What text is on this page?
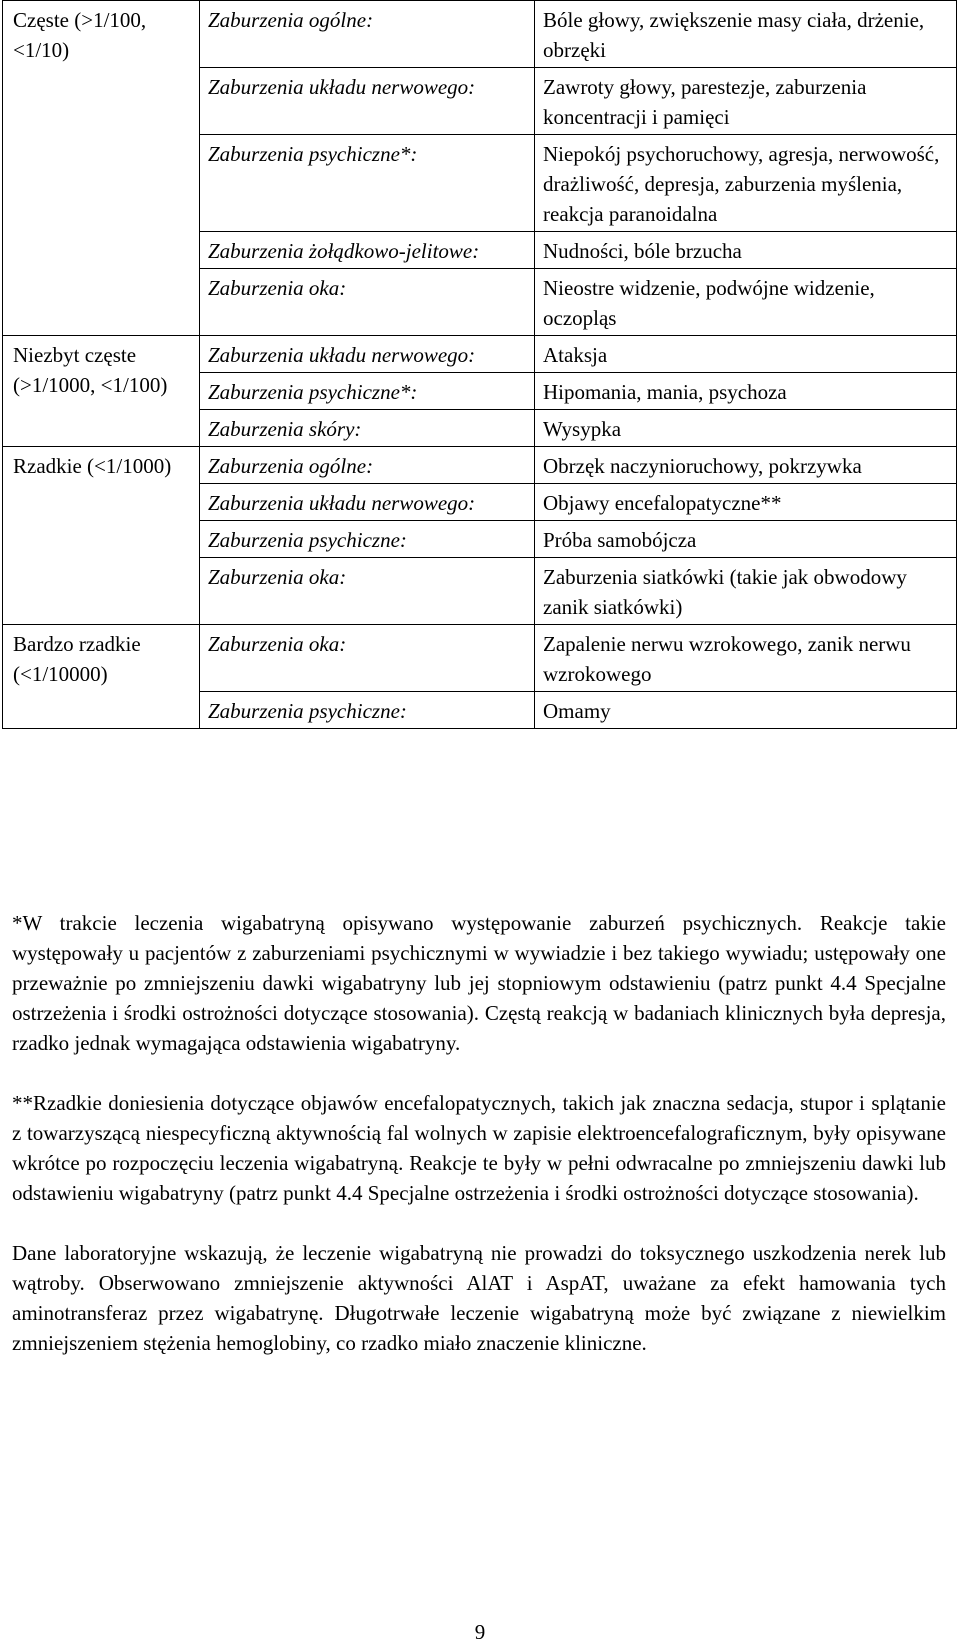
Częste (>1/100, <1/10)	Zaburzenia ogólne:	Bóle głowy, zwiększenie masy ciała, drżenie, obrzęki
	Zaburzenia układu nerwowego:	Zawroty głowy, parestezje, zaburzenia koncentracji i pamięci
	Zaburzenia psychiczne*:	Niepokój psychoruchowy, agresja, nerwowość, drażliwość, depresja, zaburzenia myślenia, reakcja paranoidalna
	Zaburzenia żołądkowo-jelitowe:	Nudności, bóle brzucha
	Zaburzenia oka:	Nieostre widzenie, podwójne widzenie, oczopląs
Niezbyt częste (>1/1000, <1/100)	Zaburzenia układu nerwowego:	Ataksja
	Zaburzenia psychiczne*:	Hipomania, mania, psychoza
	Zaburzenia skóry:	Wysypka
Rzadkie (<1/1000)	Zaburzenia ogólne:	Obrzęk naczynioruchowy, pokrzywka
	Zaburzenia układu nerwowego:	Objawy encefalopatyczne**
	Zaburzenia psychiczne:	Próba samobójcza
	Zaburzenia oka:	Zaburzenia siatkówki (takie jak obwodowy zanik siatkówki)
Bardzo rzadkie (<1/10000)	Zaburzenia oka:	Zapalenie nerwu wzrokowego, zanik nerwu wzrokowego
	Zaburzenia psychiczne:	Omamy

*W trakcie leczenia wigabatryną opisywano występowanie zaburzeń psychicznych. Reakcje takie występowały u pacjentów z zaburzeniami psychicznymi w wywiadzie i bez takiego wywiadu; ustępowały one przeważnie po zmniejszeniu dawki wigabatryny lub jej stopniowym odstawieniu (patrz punkt 4.4 Specjalne ostrzeżenia i środki ostrożności dotyczące stosowania). Częstą reakcją w badaniach klinicznych była depresja, rzadko jednak wymagająca odstawienia wigabatryny.

**Rzadkie doniesienia dotyczące objawów encefalopatycznych, takich jak znaczna sedacja, stupor i splątanie z towarzyszącą niespecyficzną aktywnością fal wolnych w zapisie elektroencefalograficznym, były opisywane wkrótce po rozpoczęciu leczenia wigabatryną. Reakcje te były w pełni odwracalne po zmniejszeniu dawki lub odstawieniu wigabatryny (patrz punkt 4.4 Specjalne ostrzeżenia i środki ostrożności dotyczące stosowania).

Dane laboratoryjne wskazują, że leczenie wigabatryną nie prowadzi do toksycznego uszkodzenia nerek lub wątroby. Obserwowano zmniejszenie aktywności AlAT i AspAT, uważane za efekt hamowania tych aminotransferaz przez wigabatrynę. Długotrwałe leczenie wigabatryną może być związane z niewielkim zmniejszeniem stężenia hemoglobiny, co rzadko miało znaczenie kliniczne.

9
